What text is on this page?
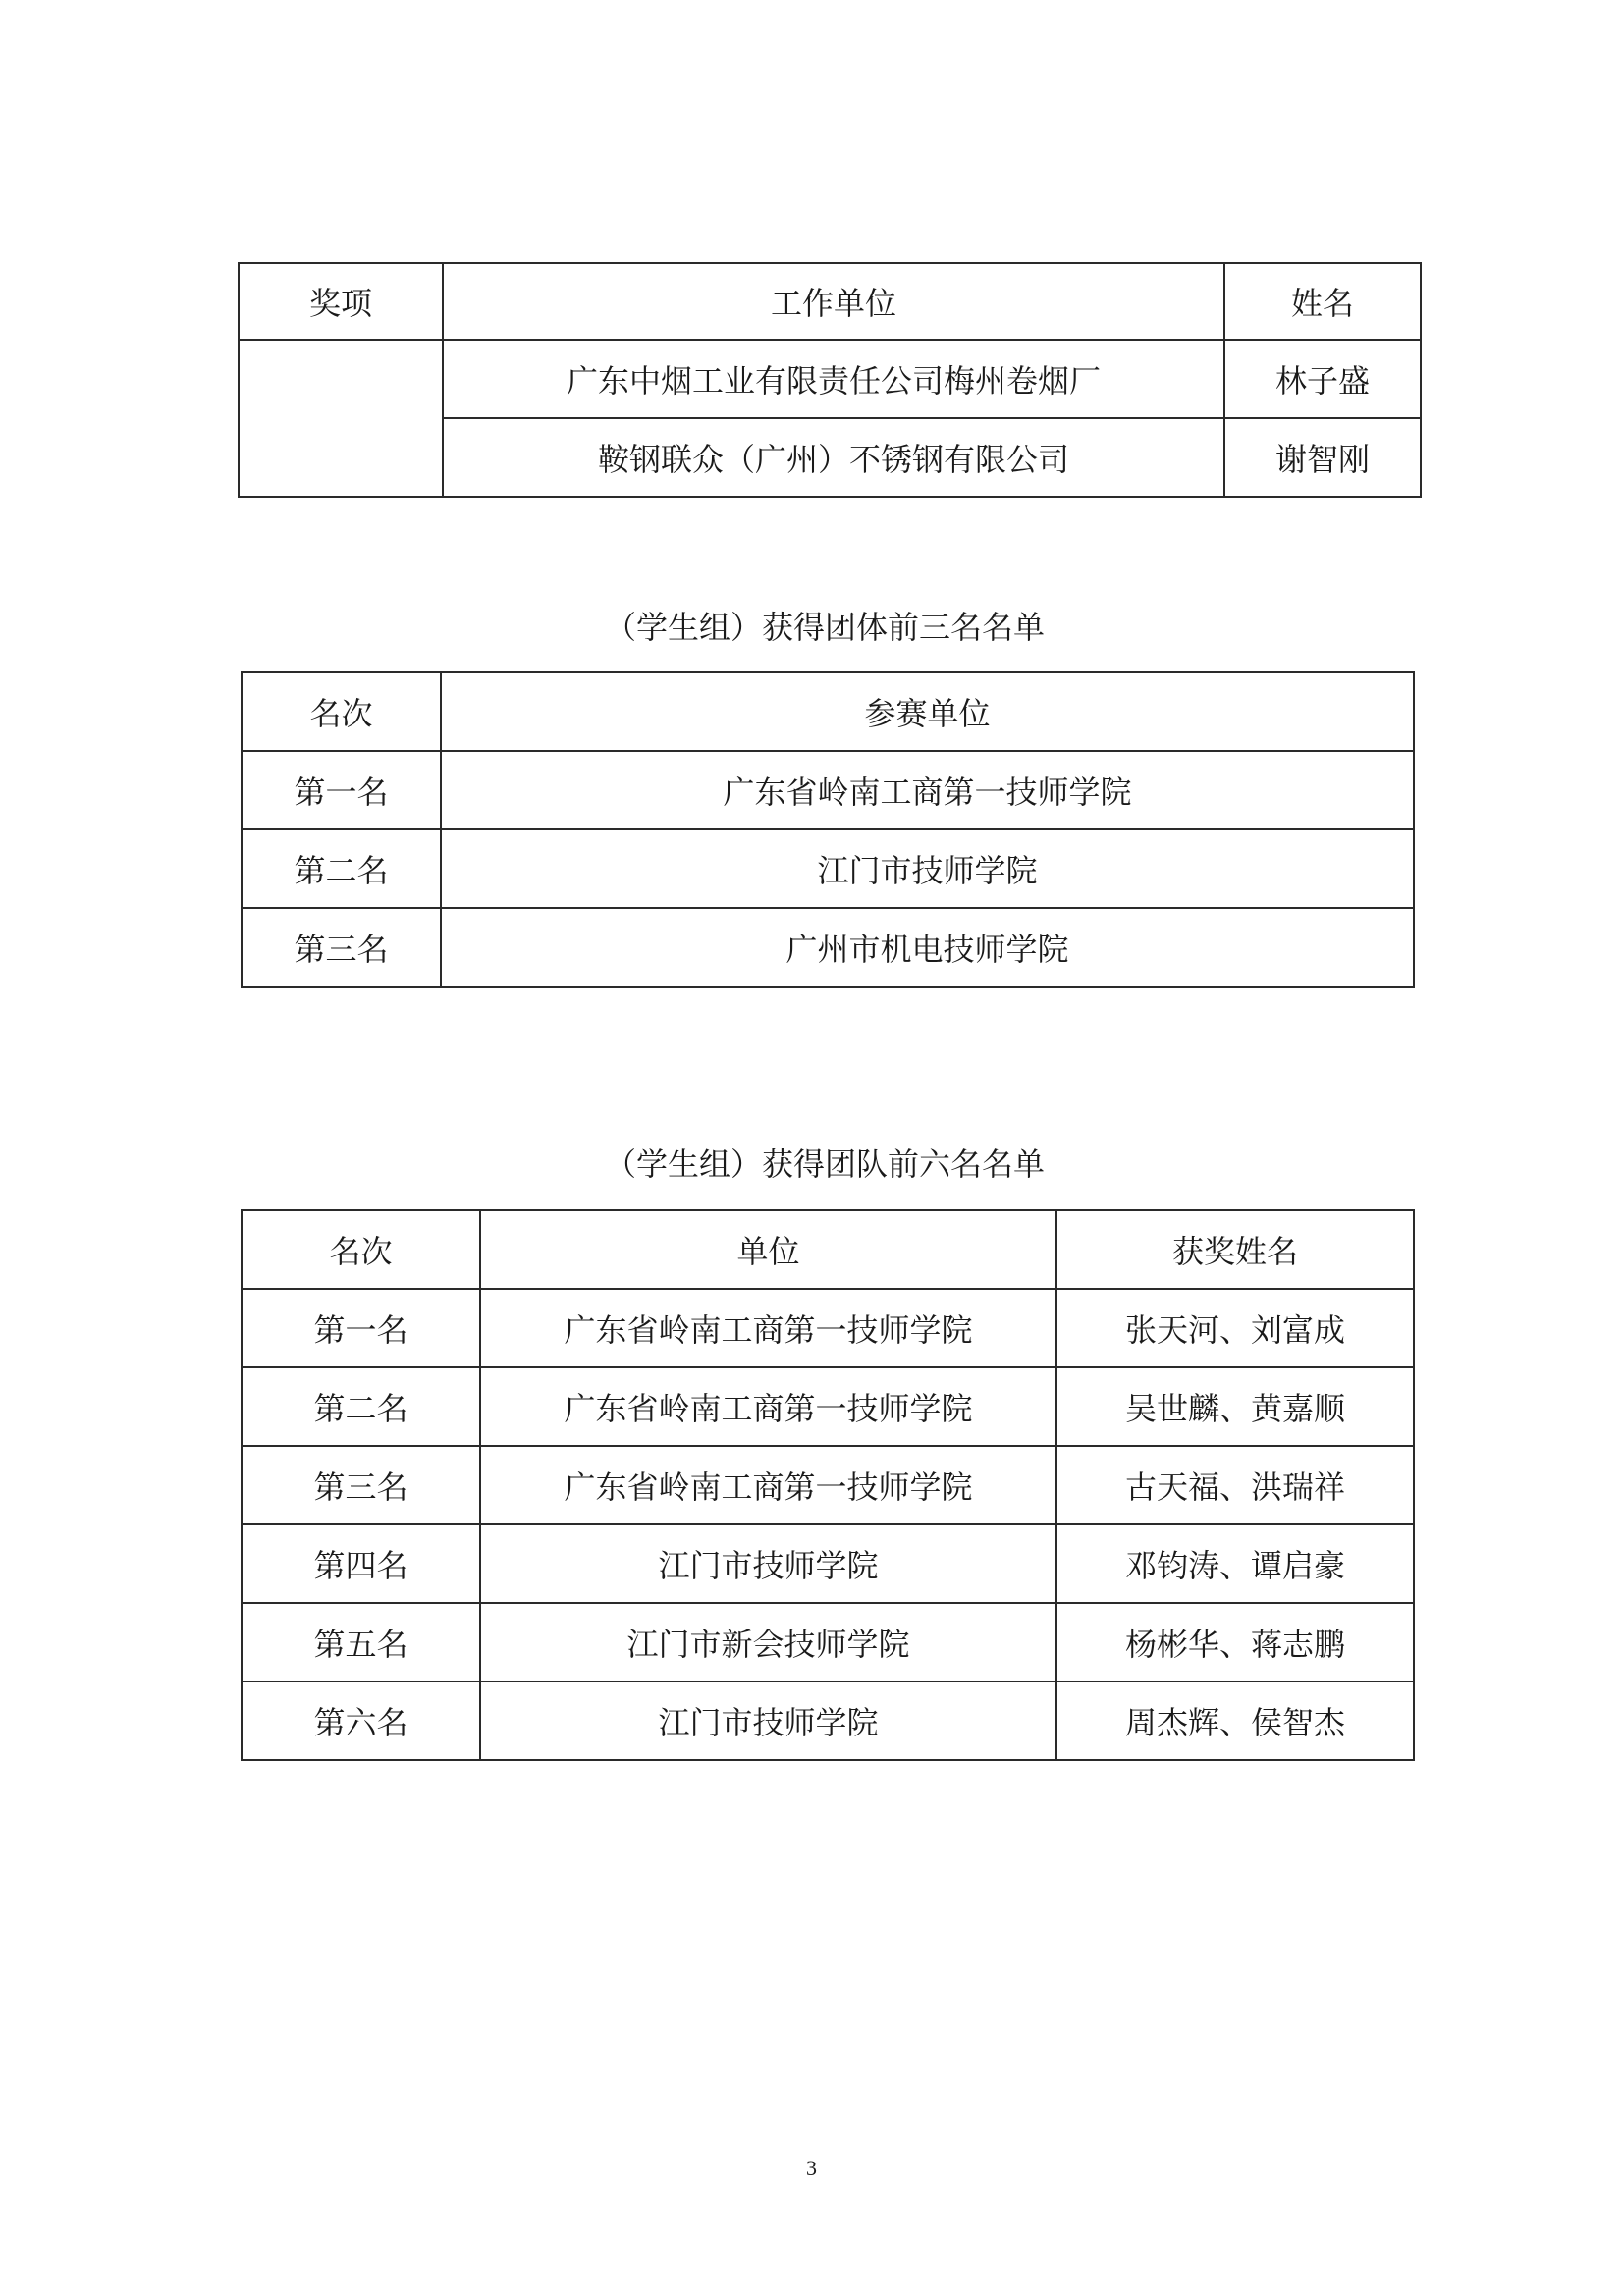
奖项	工作单位	姓名
	广东中烟工业有限责任公司梅州卷烟厂	林子盛
	鞍钢联众（广州）不锈钢有限公司	谢智刚
（学生组）获得团体前三名名单
名次	参赛单位
第一名	广东省岭南工商第一技师学院
第二名	江门市技师学院
第三名	广州市机电技师学院
（学生组）获得团队前六名名单
名次	单位	获奖姓名
第一名	广东省岭南工商第一技师学院	张天河、刘富成
第二名	广东省岭南工商第一技师学院	吴世麟、黄嘉顺
第三名	广东省岭南工商第一技师学院	古天福、洪瑞祥
第四名	江门市技师学院	邓钧涛、谭启豪
第五名	江门市新会技师学院	杨彬华、蒋志鹏
第六名	江门市技师学院	周杰辉、侯智杰
3
